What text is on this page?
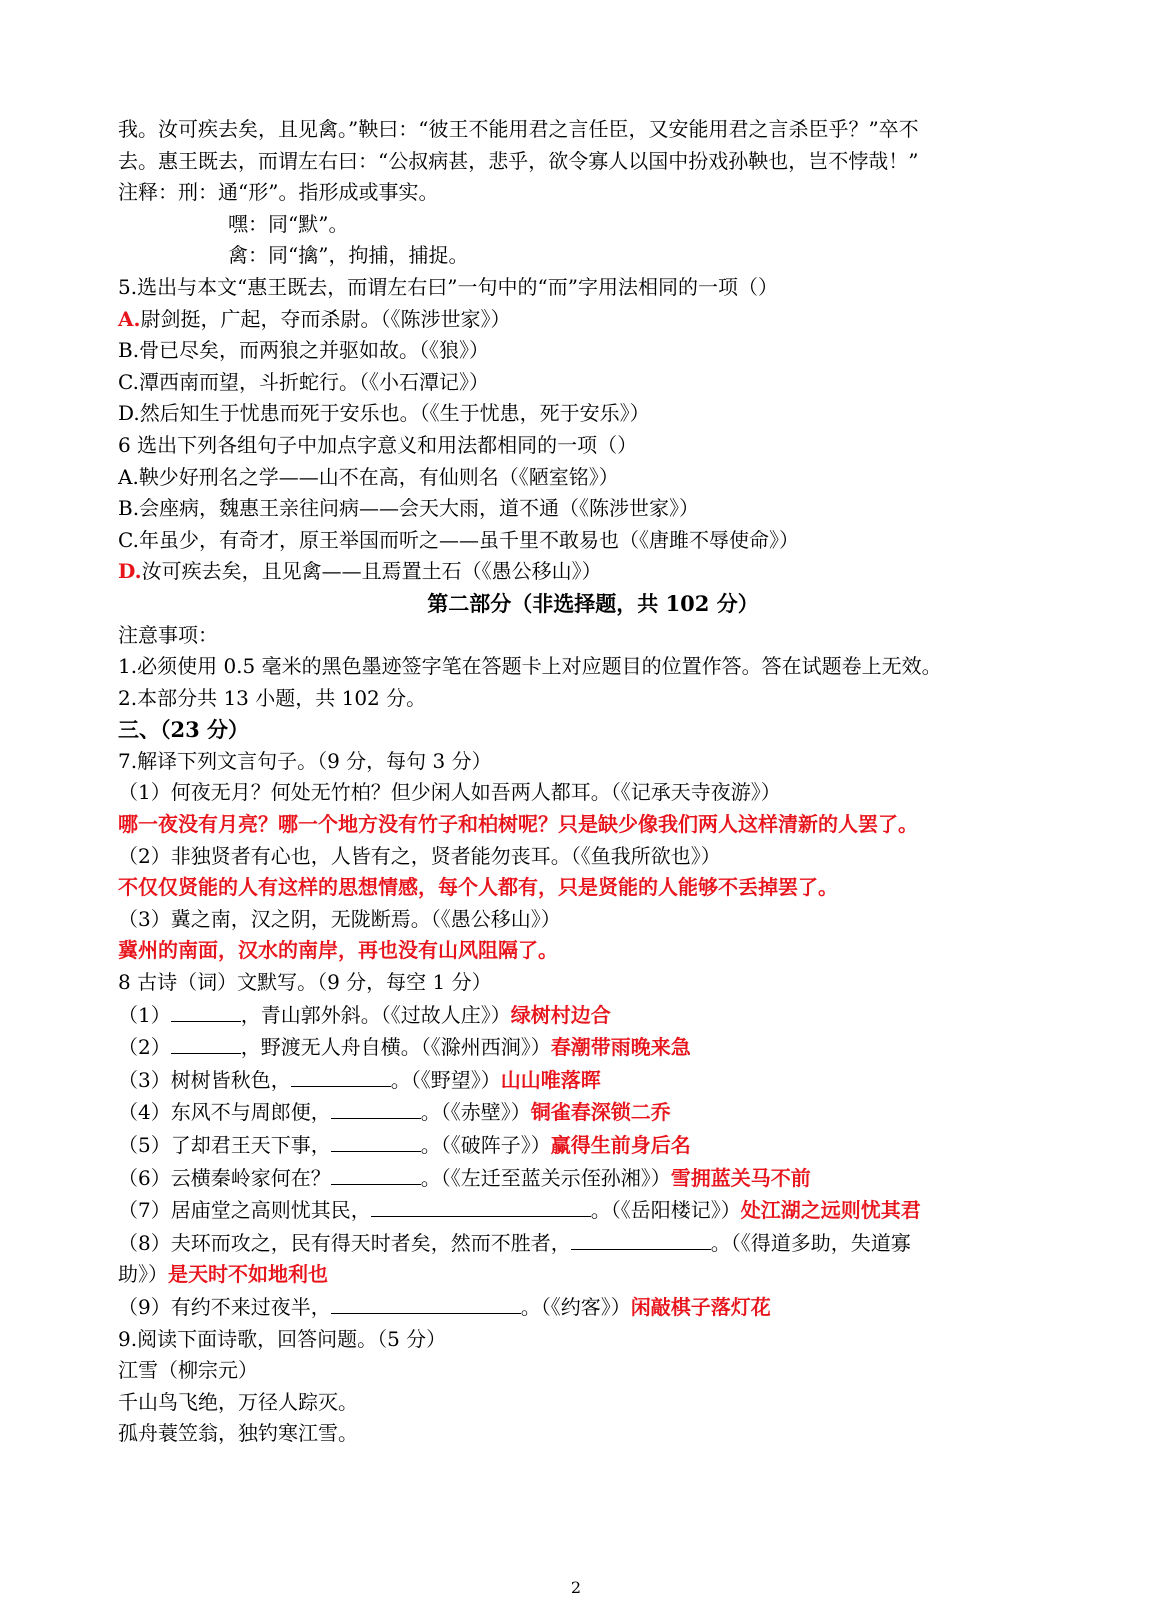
我。汝可疾去矣，且见禽。”鞅曰：“彼王不能用君之言任臣，又安能用君之言杀臣乎？”卒不
去。惠王既去，而谓左右曰：“公叔病甚，悲乎，欲令寡人以国中扮戏孙鞅也，岂不悖哉！”
注释：刑：通“形”。指形成或事实。
嘿：同“默”。
禽：同“擒”，拘捕，捕捉。
5.选出与本文“惠王既去，而谓左右曰”一句中的“而”字用法相同的一项（）
A.尉剑挺，广起，夺而杀尉。（《陈涉世家》）
B.骨已尽矣，而两狼之并驱如故。（《狼》）
C.潭西南而望，斗折蛇行。（《小石潭记》）
D.然后知生于忧患而死于安乐也。（《生于忧患，死于安乐》）
6 选出下列各组句子中加点字意义和用法都相同的一项（）
A.鞅少好刑名之学——山不在高，有仙则名（《陋室铭》）
B.会座病，魏惠王亲往问病——会天大雨，道不通（《陈涉世家》）
C.年虽少，有奇才，原王举国而听之——虽千里不敢易也（《唐雎不辱使命》）
D.汝可疾去矣，且见禽——且焉置土石（《愚公移山》）
第二部分（非选择题，共 102 分）
注意事项：
1.必须使用 0.5 毫米的黑色墨迹签字笔在答题卡上对应题目的位置作答。答在试题卷上无效。
2.本部分共 13 小题，共 102 分。
三、（23 分）
7.解译下列文言句子。（9 分，每句 3 分）
（1）何夜无月？何处无竹柏？但少闲人如吾两人都耳。（《记承天寺夜游》）
哪一夜没有月亮？哪一个地方没有竹子和柏树呢？只是缺少像我们两人这样清新的人罢了。
（2）非独贤者有心也，人皆有之，贤者能勿丧耳。（《鱼我所欲也》）
不仅仅贤能的人有这样的思想情感，每个人都有，只是贤能的人能够不丢掉罢了。
（3）冀之南，汉之阴，无陇断焉。（《愚公移山》）
冀州的南面，汉水的南岸，再也没有山风阻隔了。
8 古诗（词）文默写。（9 分，每空 1 分）
（1）	，青山郭外斜。（《过故人庄》）绿树村边合
（2）	，野渡无人舟自横。（《滁州西涧》）春潮带雨晚来急
（3）树树皆秋色，	。（《野望》）山山唯落晖
（4）东风不与周郎便，	。（《赤壁》）铜雀春深锁二乔
（5）了却君王天下事，	。（《破阵子》）赢得生前身后名
（6）云横秦岭家何在？	。（《左迁至蓝关示侄孙湘》）雪拥蓝关马不前
（7）居庙堂之高则忧其民，	。（《岳阳楼记》）处江湖之远则忧其君
（8）夫环而攻之，民有得天时者矣，然而不胜者，	。（《得道多助，失道寡
助》）是天时不如地利也
（9）有约不来过夜半，	。（《约客》）闲敲棋子落灯花
9.阅读下面诗歌，回答问题。（5 分）
江雪（柳宗元）
千山鸟飞绝，万径人踪灭。
孤舟蓑笠翁，独钓寒江雪。
2
